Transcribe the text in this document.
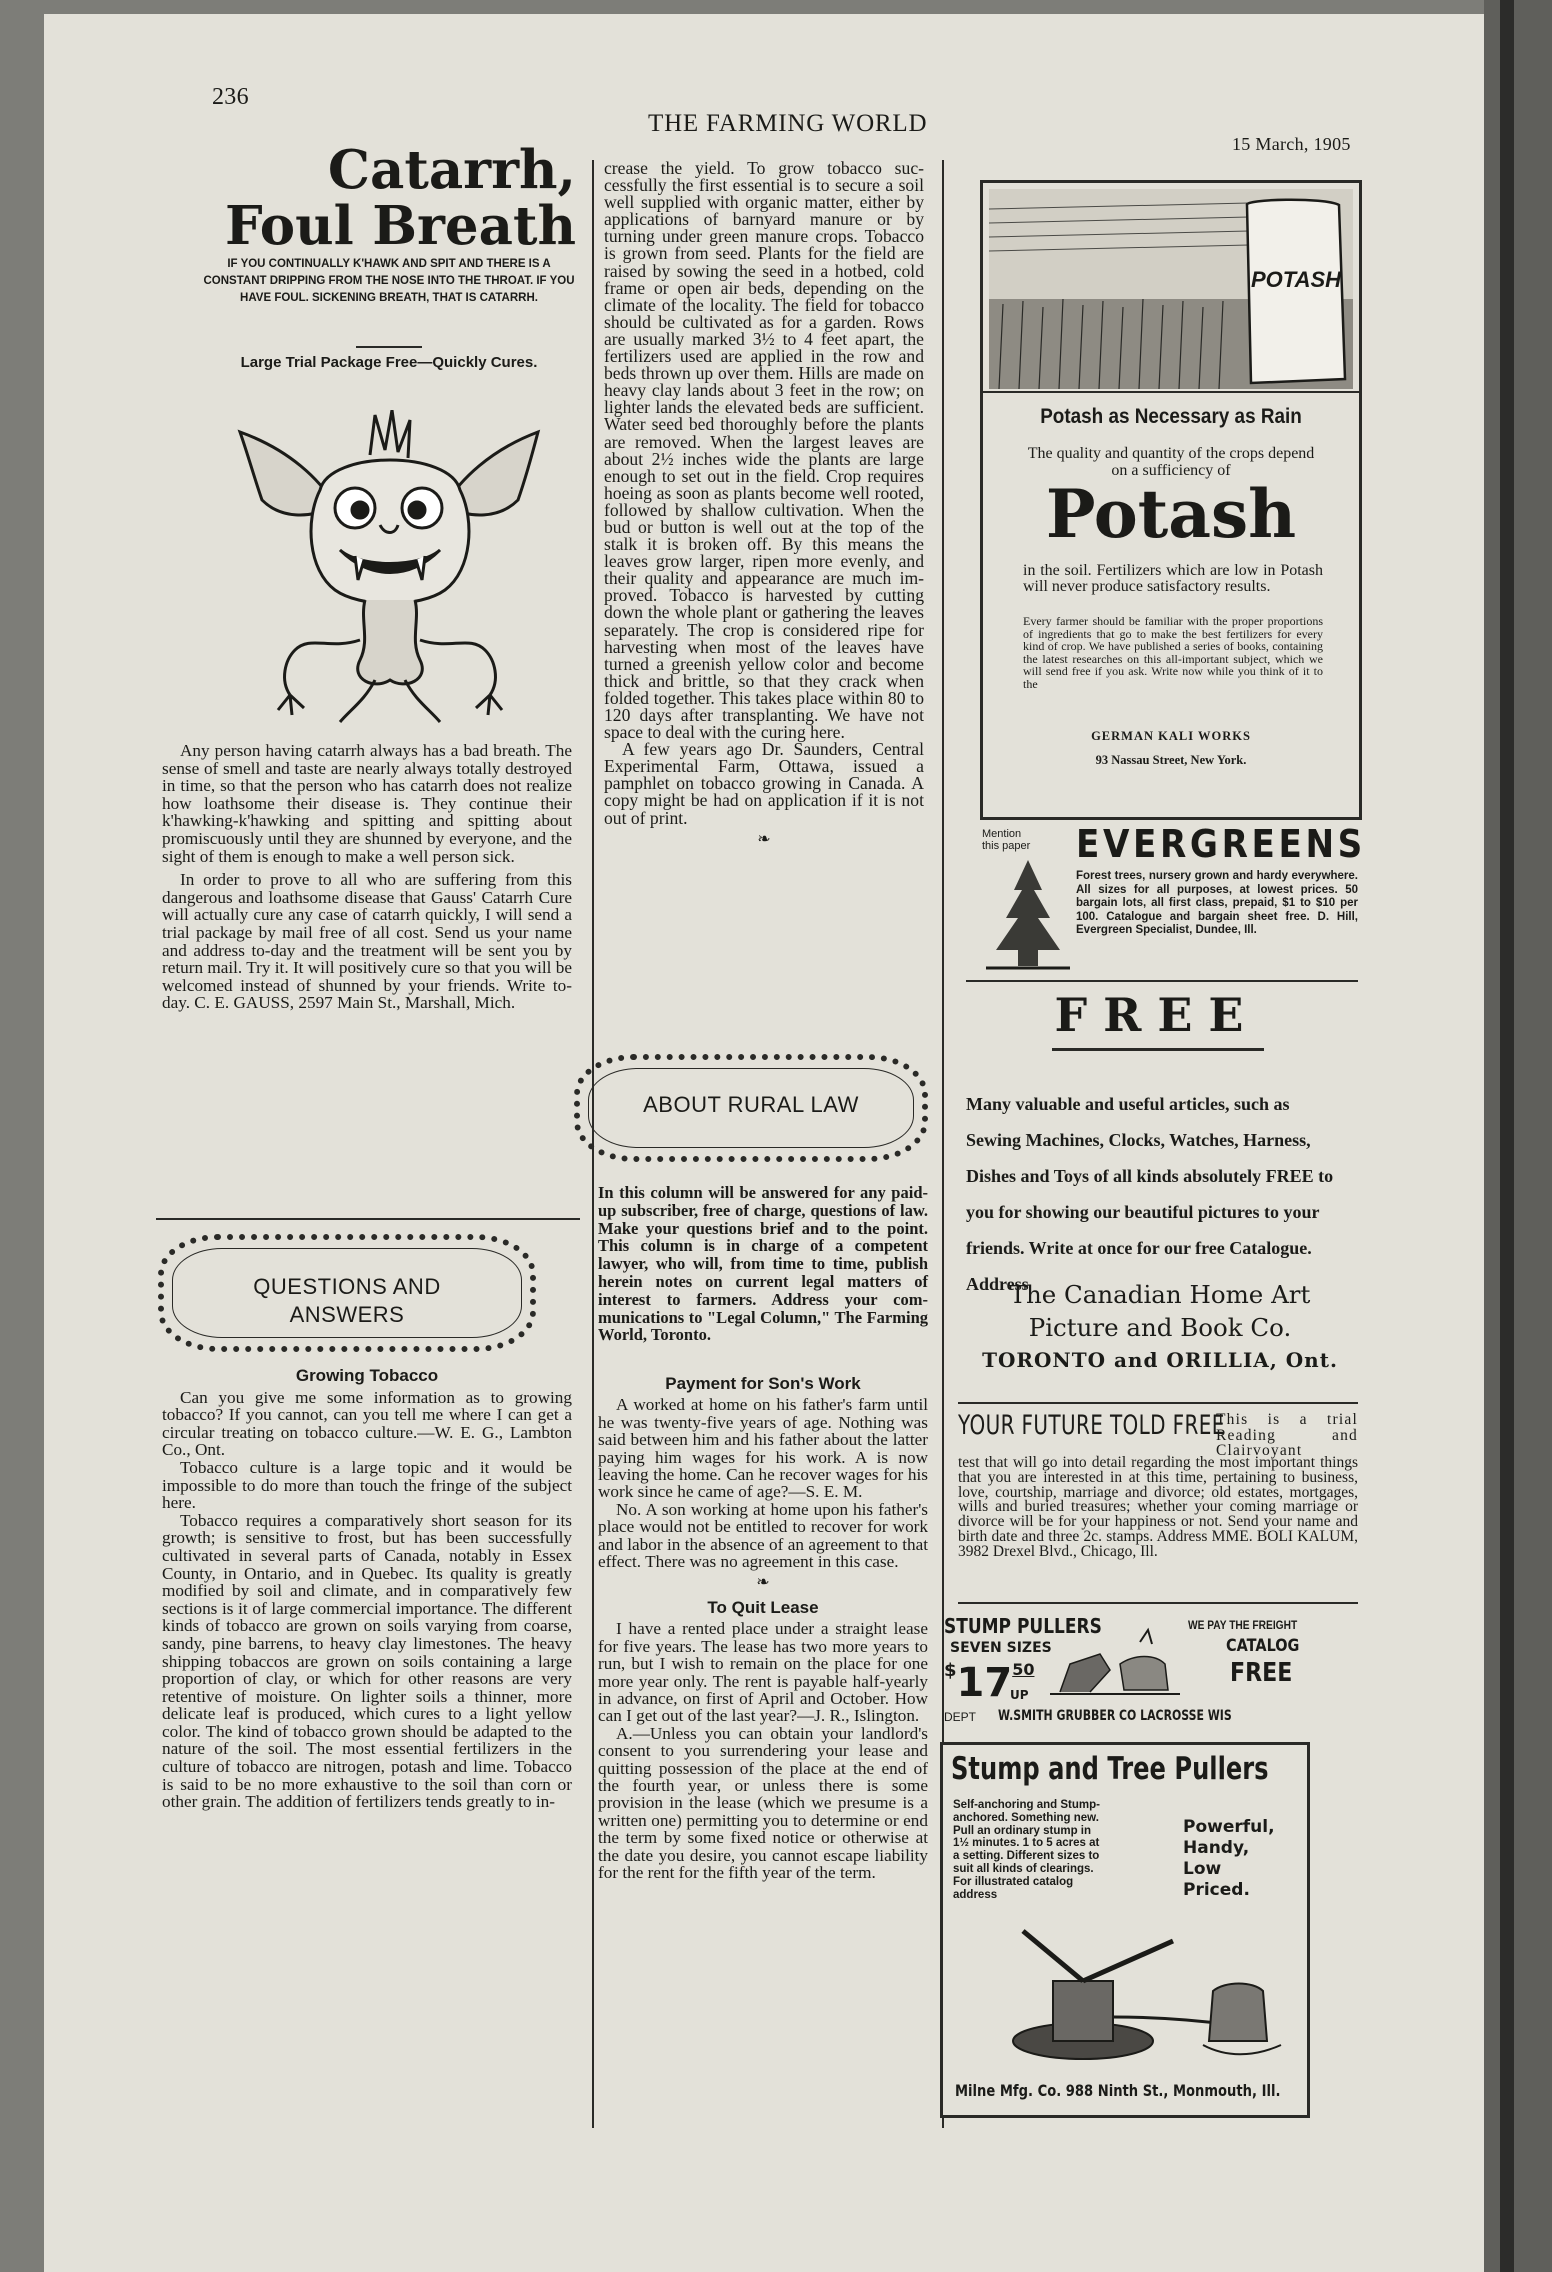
236
THE FARMING WORLD
15 March, 1905
Catarrh,
Foul Breath
IF YOU CONTINUALLY K'HAWK AND SPIT AND THERE IS A CONSTANT DRIPPING FROM THE NOSE INTO THE THROAT. IF YOU HAVE FOUL. SICKENING BREATH, THAT IS CATARRH.
Large Trial Package Free—Quickly Cures.

Any person having catarrh always has a bad breath. The sense of smell and taste are nearly always totally destroyed in time, so that the person who has catarrh does not realize how loathsome their disease is. They continue their k'hawking-k'hawking and spitting and spitting about promiscuously until they are shunned by everyone, and the sight of them is enough to make a well person sick.

In order to prove to all who are suffering from this dangerous and loathsome disease that Gauss' Catarrh Cure will actually cure any case of catarrh quickly, I will send a trial package by mail free of all cost. Send us your name and address to-day and the treatment will be sent you by return mail. Try it. It will positively cure so that you will be welcomed instead of shunned by your friends. Write to-day. C. E. GAUSS, 2597 Main St., Marshall, Mich.

QUESTIONS AND
ANSWERS
Growing Tobacco

Can you give me some information as to growing tobacco? If you cannot, can you tell me where I can get a circular treating on tobacco culture.—W. E. G., Lambton Co., Ont.

Tobacco culture is a large topic and it would be impossible to do more than touch the fringe of the subject here.

Tobacco requires a comparatively short season for its growth; is sensitive to frost, but has been successfully cultivated in several parts of Canada, notably in Essex County, in Ontario, and in Quebec. Its quality is greatly modified by soil and climate, and in comparatively few sections is it of large commercial importance. The different kinds of tobacco are grown on soils varying from coarse, sandy, pine barrens, to heavy clay limestones. The heavy shipping tobaccos are grown on soils containing a large proportion of clay, or which for other reasons are very retentive of moisture. On lighter soils a thinner, more delicate leaf is produced, which cures to a light yellow color. The kind of tobacco grown should be adapted to the nature of the soil. The most essential fertilizers in the culture of tobacco are nitrogen, potash and lime. Tobacco is said to be no more exhaustive to the soil than corn or other grain. The addition of fertilizers tends greatly to in-

crease the yield. To grow tobacco successfully the first essential is to secure a soil well supplied with organic matter, either by applications of barnyard manure or by turning under green manure crops. Tobacco is grown from seed. Plants for the field are raised by sowing the seed in a hotbed, cold frame or open air beds, depending on the climate of the locality. The field for tobacco should be cultivated as for a garden. Rows are usually marked 3½ to 4 feet apart, the fertilizers used are applied in the row and beds thrown up over them. Hills are made on heavy clay lands about 3 feet in the row; on lighter lands the elevated beds are sufficient. Water seed bed thoroughly before the plants are removed. When the largest leaves are about 2½ inches wide the plants are large enough to set out in the field. Crop requires hoeing as soon as plants become well rooted, followed by shallow cultivation. When the bud or button is well out at the top of the stalk it is broken off. By this means the leaves grow larger, ripen more evenly, and their quality and appearance are much improved. Tobacco is harvested by cutting down the whole plant or gathering the leaves separately. The crop is considered ripe for harvesting when most of the leaves have turned a greenish yellow color and become thick and brittle, so that they crack when folded together. This takes place within 80 to 120 days after transplanting. We have not space to deal with the curing here.

A few years ago Dr. Saunders, Central Experimental Farm, Ottawa, issued a pamphlet on tobacco growing in Canada. A copy might be had on application if it is not out of print.

❧
ABOUT RURAL LAW
In this column will be answered for any paid-up subscriber, free of charge, questions of law. Make your questions brief and to the point. This column is in charge of a competent lawyer, who will, from time to time, publish herein notes on current legal matters of interest to farmers. Address your communications to "Legal Column," The Farming World, Toronto.
Payment for Son's Work

A worked at home on his father's farm until he was twenty-five years of age. Nothing was said between him and his father about the latter paying him wages for his work. A is now leaving the home. Can he recover wages for his work since he came of age?—S. E. M.

No. A son working at home upon his father's place would not be entitled to recover for work and labor in the absence of an agreement to that effect. There was no agreement in this case.

❧
To Quit Lease

I have a rented place under a straight lease for five years. The lease has two more years to run, but I wish to remain on the place for one more year only. The rent is payable half-yearly in advance, on first of April and October. How can I get out of the last year?—J. R., Islington.

A.—Unless you can obtain your landlord's consent to you surrendering your lease and quitting possession of the place at the end of the fourth year, or unless there is some provision in the lease (which we presume is a written one) permitting you to determine or end the term by some fixed notice or otherwise at the date you desire, you cannot escape liability for the rent for the fifth year of the term.

POTASH
Potash as Necessary as Rain
The quality and quantity of the crops depend on a sufficiency of
Potash
in the soil. Fertilizers which are low in Potash will never produce satisfactory results.
Every farmer should be familiar with the proper proportions of ingredients that go to make the best fertilizers for every kind of crop. We have published a series of books, containing the latest researches on this all-important subject, which we will send free if you ask. Write now while you think of it to the
GERMAN KALI WORKS
93 Nassau Street, New York.
Mention this paper EVERGREENS
Forest trees, nursery grown and hardy everywhere. All sizes for all purposes, at lowest prices. 50 bargain lots, all first class, prepaid, $1 to $10 per 100. Catalogue and bargain sheet free. D. Hill, Evergreen Specialist, Dundee, Ill.
FREE
Many valuable and useful articles, such as Sewing Machines, Clocks, Watches, Harness, Dishes and Toys of all kinds absolutely FREE to you for showing our beautiful pictures to your friends. Write at once for our free Catalogue. Address
The Canadian Home Art
Picture and Book Co.
TORONTO and ORILLIA, Ont.
YOUR FUTURE TOLD FREE
This is a trial Reading and Clairvoyant
test that will go into detail regarding the most important things that you are interested in at this time, pertaining to business, love, courtship, marriage and divorce; old estates, mortgages, wills and buried treasures; whether your coming marriage or divorce will be for your happiness or not. Send your name and birth date and three 2c. stamps. Address MME. BOLI KALUM, 3982 Drexel Blvd., Chicago, Ill.
STUMP PULLERS
SEVEN SIZES
$1750
UP
DEPT
WE PAY THE FREIGHT
CATALOG
FREE
W.SMITH GRUBBER CO LACROSSE WIS
Stump and Tree Pullers
Self-anchoring and Stump-anchored. Something new. Pull an ordinary stump in 1½ minutes. 1 to 5 acres at a setting. Different sizes to suit all kinds of clearings. For illustrated catalog address
Powerful,
Handy,
Low
Priced.
Milne Mfg. Co. 988 Ninth St., Monmouth, Ill.
